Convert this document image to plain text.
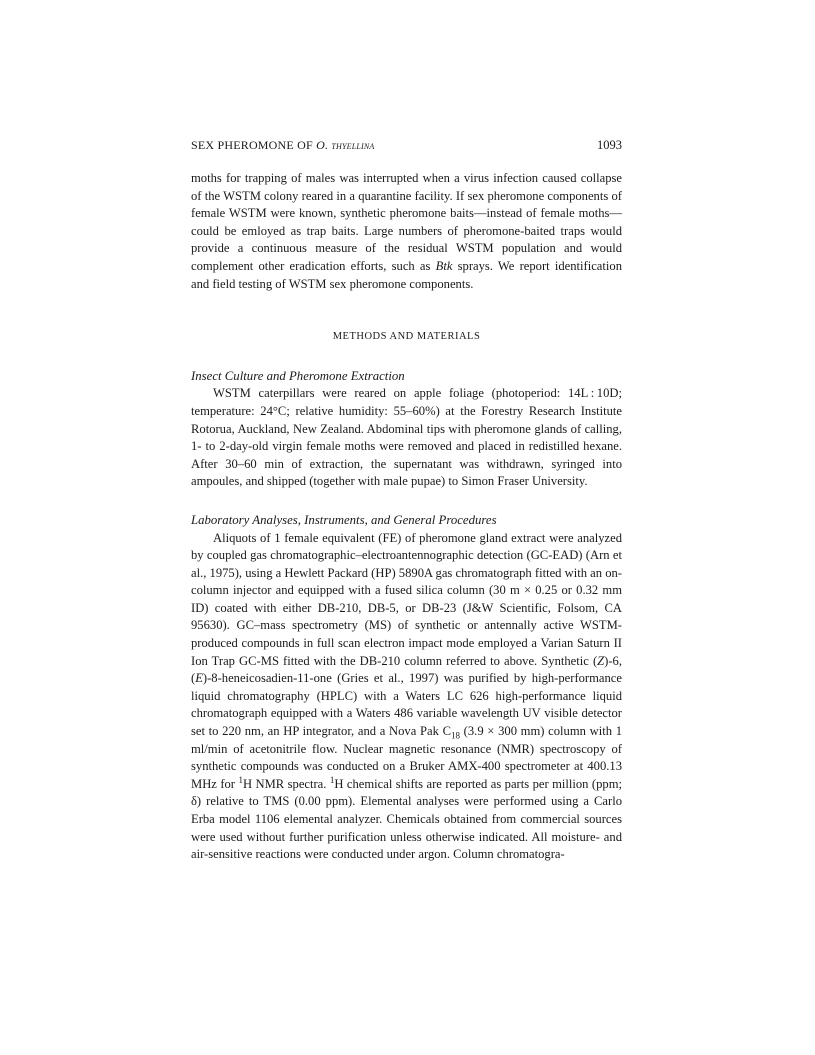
SEX PHEROMONE OF O. thyellina	1093

moths for trapping of males was interrupted when a virus infection caused collapse of the WSTM colony reared in a quarantine facility. If sex pheromone components of female WSTM were known, synthetic pheromone baits—instead of female moths—could be emloyed as trap baits. Large numbers of pheromone-baited traps would provide a continuous measure of the residual WSTM population and would complement other eradication efforts, such as Btk sprays. We report identification and field testing of WSTM sex pheromone components.

METHODS AND MATERIALS

Insect Culture and Pheromone Extraction

WSTM caterpillars were reared on apple foliage (photoperiod: 14L : 10D; temperature: 24°C; relative humidity: 55–60%) at the Forestry Research Institute Rotorua, Auckland, New Zealand. Abdominal tips with pheromone glands of calling, 1- to 2-day-old virgin female moths were removed and placed in redistilled hexane. After 30–60 min of extraction, the supernatant was withdrawn, syringed into ampoules, and shipped (together with male pupae) to Simon Fraser University.

Laboratory Analyses, Instruments, and General Procedures

Aliquots of 1 female equivalent (FE) of pheromone gland extract were analyzed by coupled gas chromatographic–electroantennographic detection (GC-EAD) (Arn et al., 1975), using a Hewlett Packard (HP) 5890A gas chromatograph fitted with an on-column injector and equipped with a fused silica column (30 m × 0.25 or 0.32 mm ID) coated with either DB-210, DB-5, or DB-23 (J&W Scientific, Folsom, CA 95630). GC–mass spectrometry (MS) of synthetic or antennally active WSTM-produced compounds in full scan electron impact mode employed a Varian Saturn II Ion Trap GC-MS fitted with the DB-210 column referred to above. Synthetic (Z)-6,(E)-8-heneicosadien-11-one (Gries et al., 1997) was purified by high-performance liquid chromatography (HPLC) with a Waters LC 626 high-performance liquid chromatograph equipped with a Waters 486 variable wavelength UV visible detector set to 220 nm, an HP integrator, and a Nova Pak $C_{18}$ (3.9 × 300 mm) column with 1 ml/min of acetonitrile flow. Nuclear magnetic resonance (NMR) spectroscopy of synthetic compounds was conducted on a Bruker AMX-400 spectrometer at 400.13 MHz for $^1$H NMR spectra. $^1$H chemical shifts are reported as parts per million (ppm; δ) relative to TMS (0.00 ppm). Elemental analyses were performed using a Carlo Erba model 1106 elemental analyzer. Chemicals obtained from commercial sources were used without further purification unless otherwise indicated. All moisture- and air-sensitive reactions were conducted under argon. Column chromatogra-
